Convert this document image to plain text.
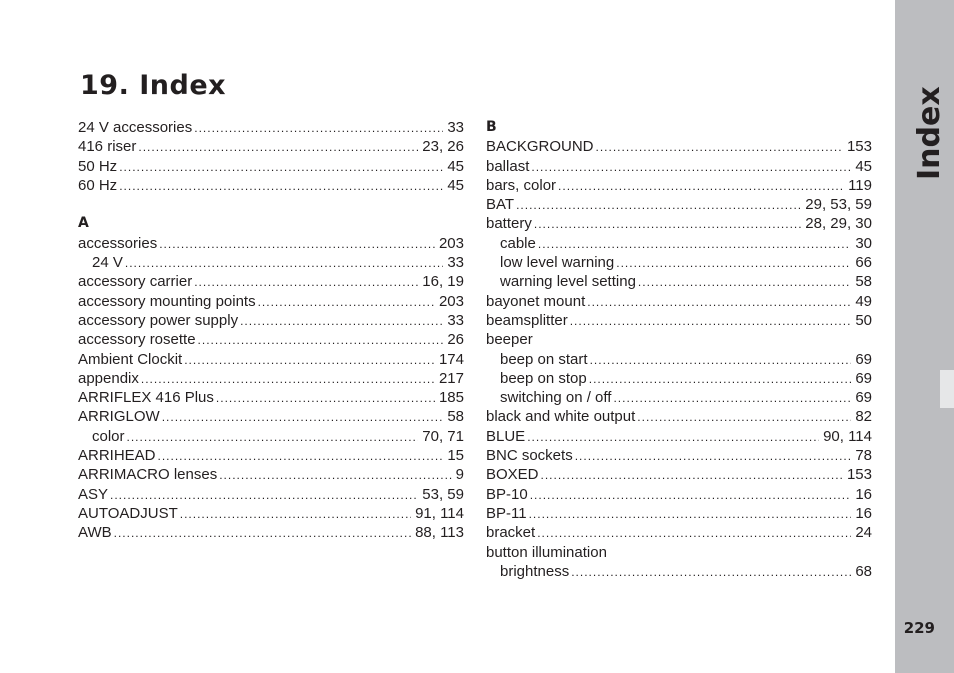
19. Index
24 V accessories .....	33
416 riser .....	23, 26
50 Hz .....	45
60 Hz .....	45
A
accessories .....	203
24 V .....	33
accessory carrier .....	16, 19
accessory mounting points .....	203
accessory power supply .....	33
accessory rosette .....	26
Ambient Clockit .....	174
appendix .....	217
ARRIFLEX 416 Plus .....	185
ARRIGLOW .....	58
color .....	70, 71
ARRIHEAD .....	15
ARRIMACRO lenses .....	9
ASY .....	53, 59
AUTOADJUST .....	91, 114
AWB .....	88, 113
B
BACKGROUND .....	153
ballast .....	45
bars, color .....	119
BAT .....	29, 53, 59
battery .....	28, 29, 30
cable .....	30
low level warning .....	66
warning level setting .....	58
bayonet mount .....	49
beamsplitter .....	50
beeper
beep on start .....	69
beep on stop .....	69
switching on / off .....	69
black and white output .....	82
BLUE .....	90, 114
BNC sockets .....	78
BOXED .....	153
BP-10 .....	16
BP-11 .....	16
bracket .....	24
button illumination
brightness .....	68
Index
229
